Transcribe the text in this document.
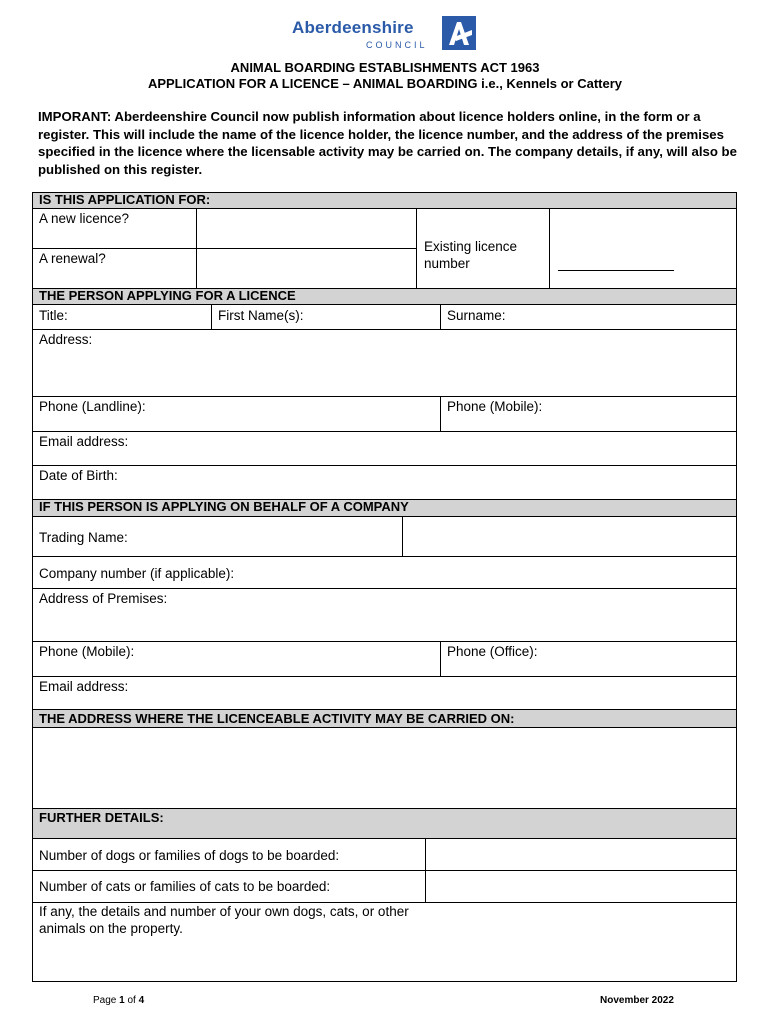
Aberdeenshire
COUNCIL
ANIMAL BOARDING ESTABLISHMENTS ACT 1963
APPLICATION FOR A LICENCE – ANIMAL BOARDING i.e., Kennels or Cattery
IMPORANT: Aberdeenshire Council now publish information about licence holders online, in the form or a register. This will include the name of the licence holder, the licence number, and the address of the premises specified in the licence where the licensable activity may be carried on. The company details, if any, will also be published on this register.
IS THIS APPLICATION FOR:
A new licence?
A renewal?
Existing licence number
THE PERSON APPLYING FOR A LICENCE
Title:	First Name(s):	Surname:
Address:
Phone (Landline):	Phone (Mobile):
Email address:
Date of Birth:
IF THIS PERSON IS APPLYING ON BEHALF OF A COMPANY
Trading Name:
Company number (if applicable):
Address of Premises:
Phone (Mobile):	Phone (Office):
Email address:
THE ADDRESS WHERE THE LICENCEABLE ACTIVITY MAY BE CARRIED ON:
FURTHER DETAILS:
Number of dogs or families of dogs to be boarded:
Number of cats or families of cats to be boarded:
If any, the details and number of your own dogs, cats, or other animals on the property.
Page 1 of 4	November 2022
